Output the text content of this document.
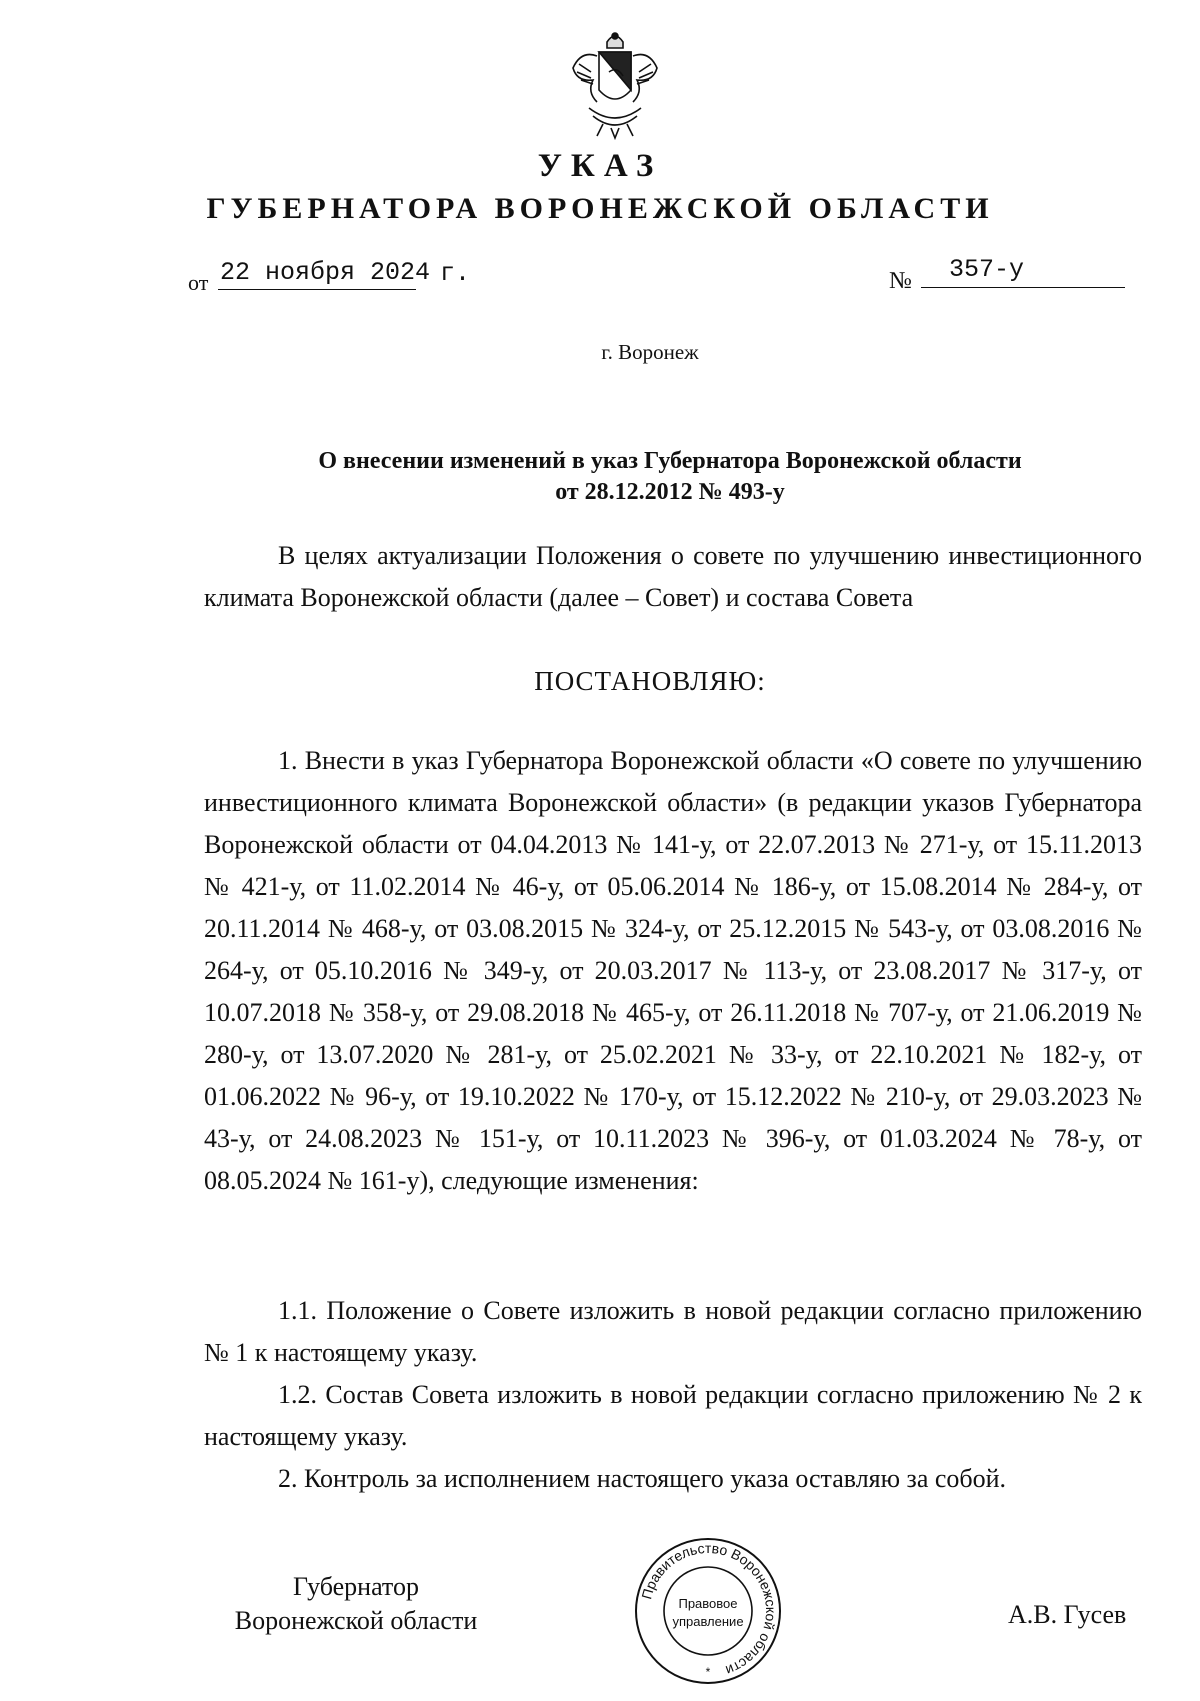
УКАЗ
ГУБЕРНАТОРА ВОРОНЕЖСКОЙ ОБЛАСТИ
от 22 ноября 2024 г.	№ 357-у
г. Воронеж
О внесении изменений в указ Губернатора Воронежской области
от 28.12.2012 № 493-у
В целях актуализации Положения о совете по улучшению инвестиционного климата Воронежской области (далее – Совет) и состава Совета
ПОСТАНОВЛЯЮ:
1. Внести в указ Губернатора Воронежской области «О совете по улучшению инвестиционного климата Воронежской области» (в редакции указов Губернатора Воронежской области от 04.04.2013 № 141-у, от 22.07.2013 № 271-у, от 15.11.2013 № 421-у, от 11.02.2014 № 46-у, от 05.06.2014 № 186-у, от 15.08.2014 № 284-у, от 20.11.2014 № 468-у, от 03.08.2015 № 324-у, от 25.12.2015 № 543-у, от 03.08.2016 № 264-у, от 05.10.2016 № 349-у, от 20.03.2017 № 113-у, от 23.08.2017 № 317-у, от 10.07.2018 № 358-у, от 29.08.2018 № 465-у, от 26.11.2018 № 707-у, от 21.06.2019 № 280-у, от 13.07.2020 № 281-у, от 25.02.2021 № 33-у, от 22.10.2021 № 182-у, от 01.06.2022 № 96-у, от 19.10.2022 № 170-у, от 15.12.2022 № 210-у, от 29.03.2023 № 43-у, от 24.08.2023 № 151-у, от 10.11.2023 № 396-у, от 01.03.2024 № 78-у, от 08.05.2024 № 161-у), следующие изменения:
1.1. Положение о Совете изложить в новой редакции согласно приложению № 1 к настоящему указу.
1.2. Состав Совета изложить в новой редакции согласно приложению № 2 к настоящему указу.
2. Контроль за исполнением настоящего указа оставляю за собой.
Губернатор
Воронежской области
Правительство Воронежской области
Правовое
управление
*
А.В. Гусев
